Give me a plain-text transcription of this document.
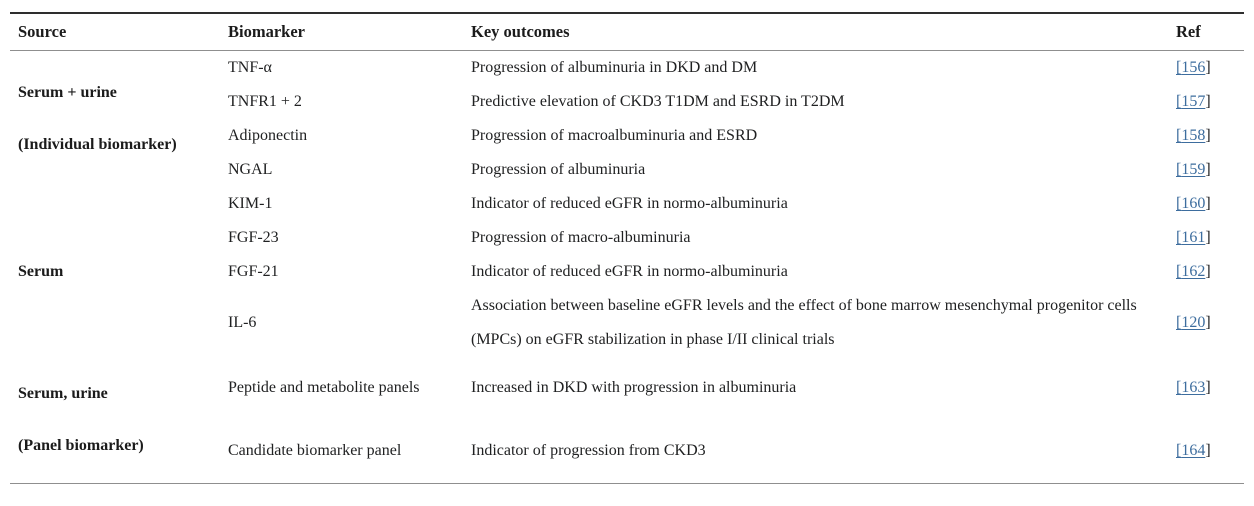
Source	Biomarker	Key outcomes	Ref

Serum + urine

(Individual biomarker)	TNF-α	Progression of albuminuria in DKD and DM	[156]
	TNFR1 + 2	Predictive elevation of CKD3 T1DM and ESRD in T2DM	[157]
	Adiponectin	Progression of macroalbuminuria and ESRD	[158]
	NGAL	Progression of albuminuria	[159]

Serum	KIM-1	Indicator of reduced eGFR in normo-albuminuria	[160]
	FGF-23	Progression of macro-albuminuria	[161]
	FGF-21	Indicator of reduced eGFR in normo-albuminuria	[162]
	IL-6	Association between baseline eGFR levels and the effect of bone marrow mesenchymal progenitor cells (MPCs) on eGFR stabilization in phase I/II clinical trials	[120]

Serum, urine

(Panel biomarker)	Peptide and metabolite panels	Increased in DKD with progression in albuminuria	[163]
	Candidate biomarker panel	Indicator of progression from CKD3	[164]
